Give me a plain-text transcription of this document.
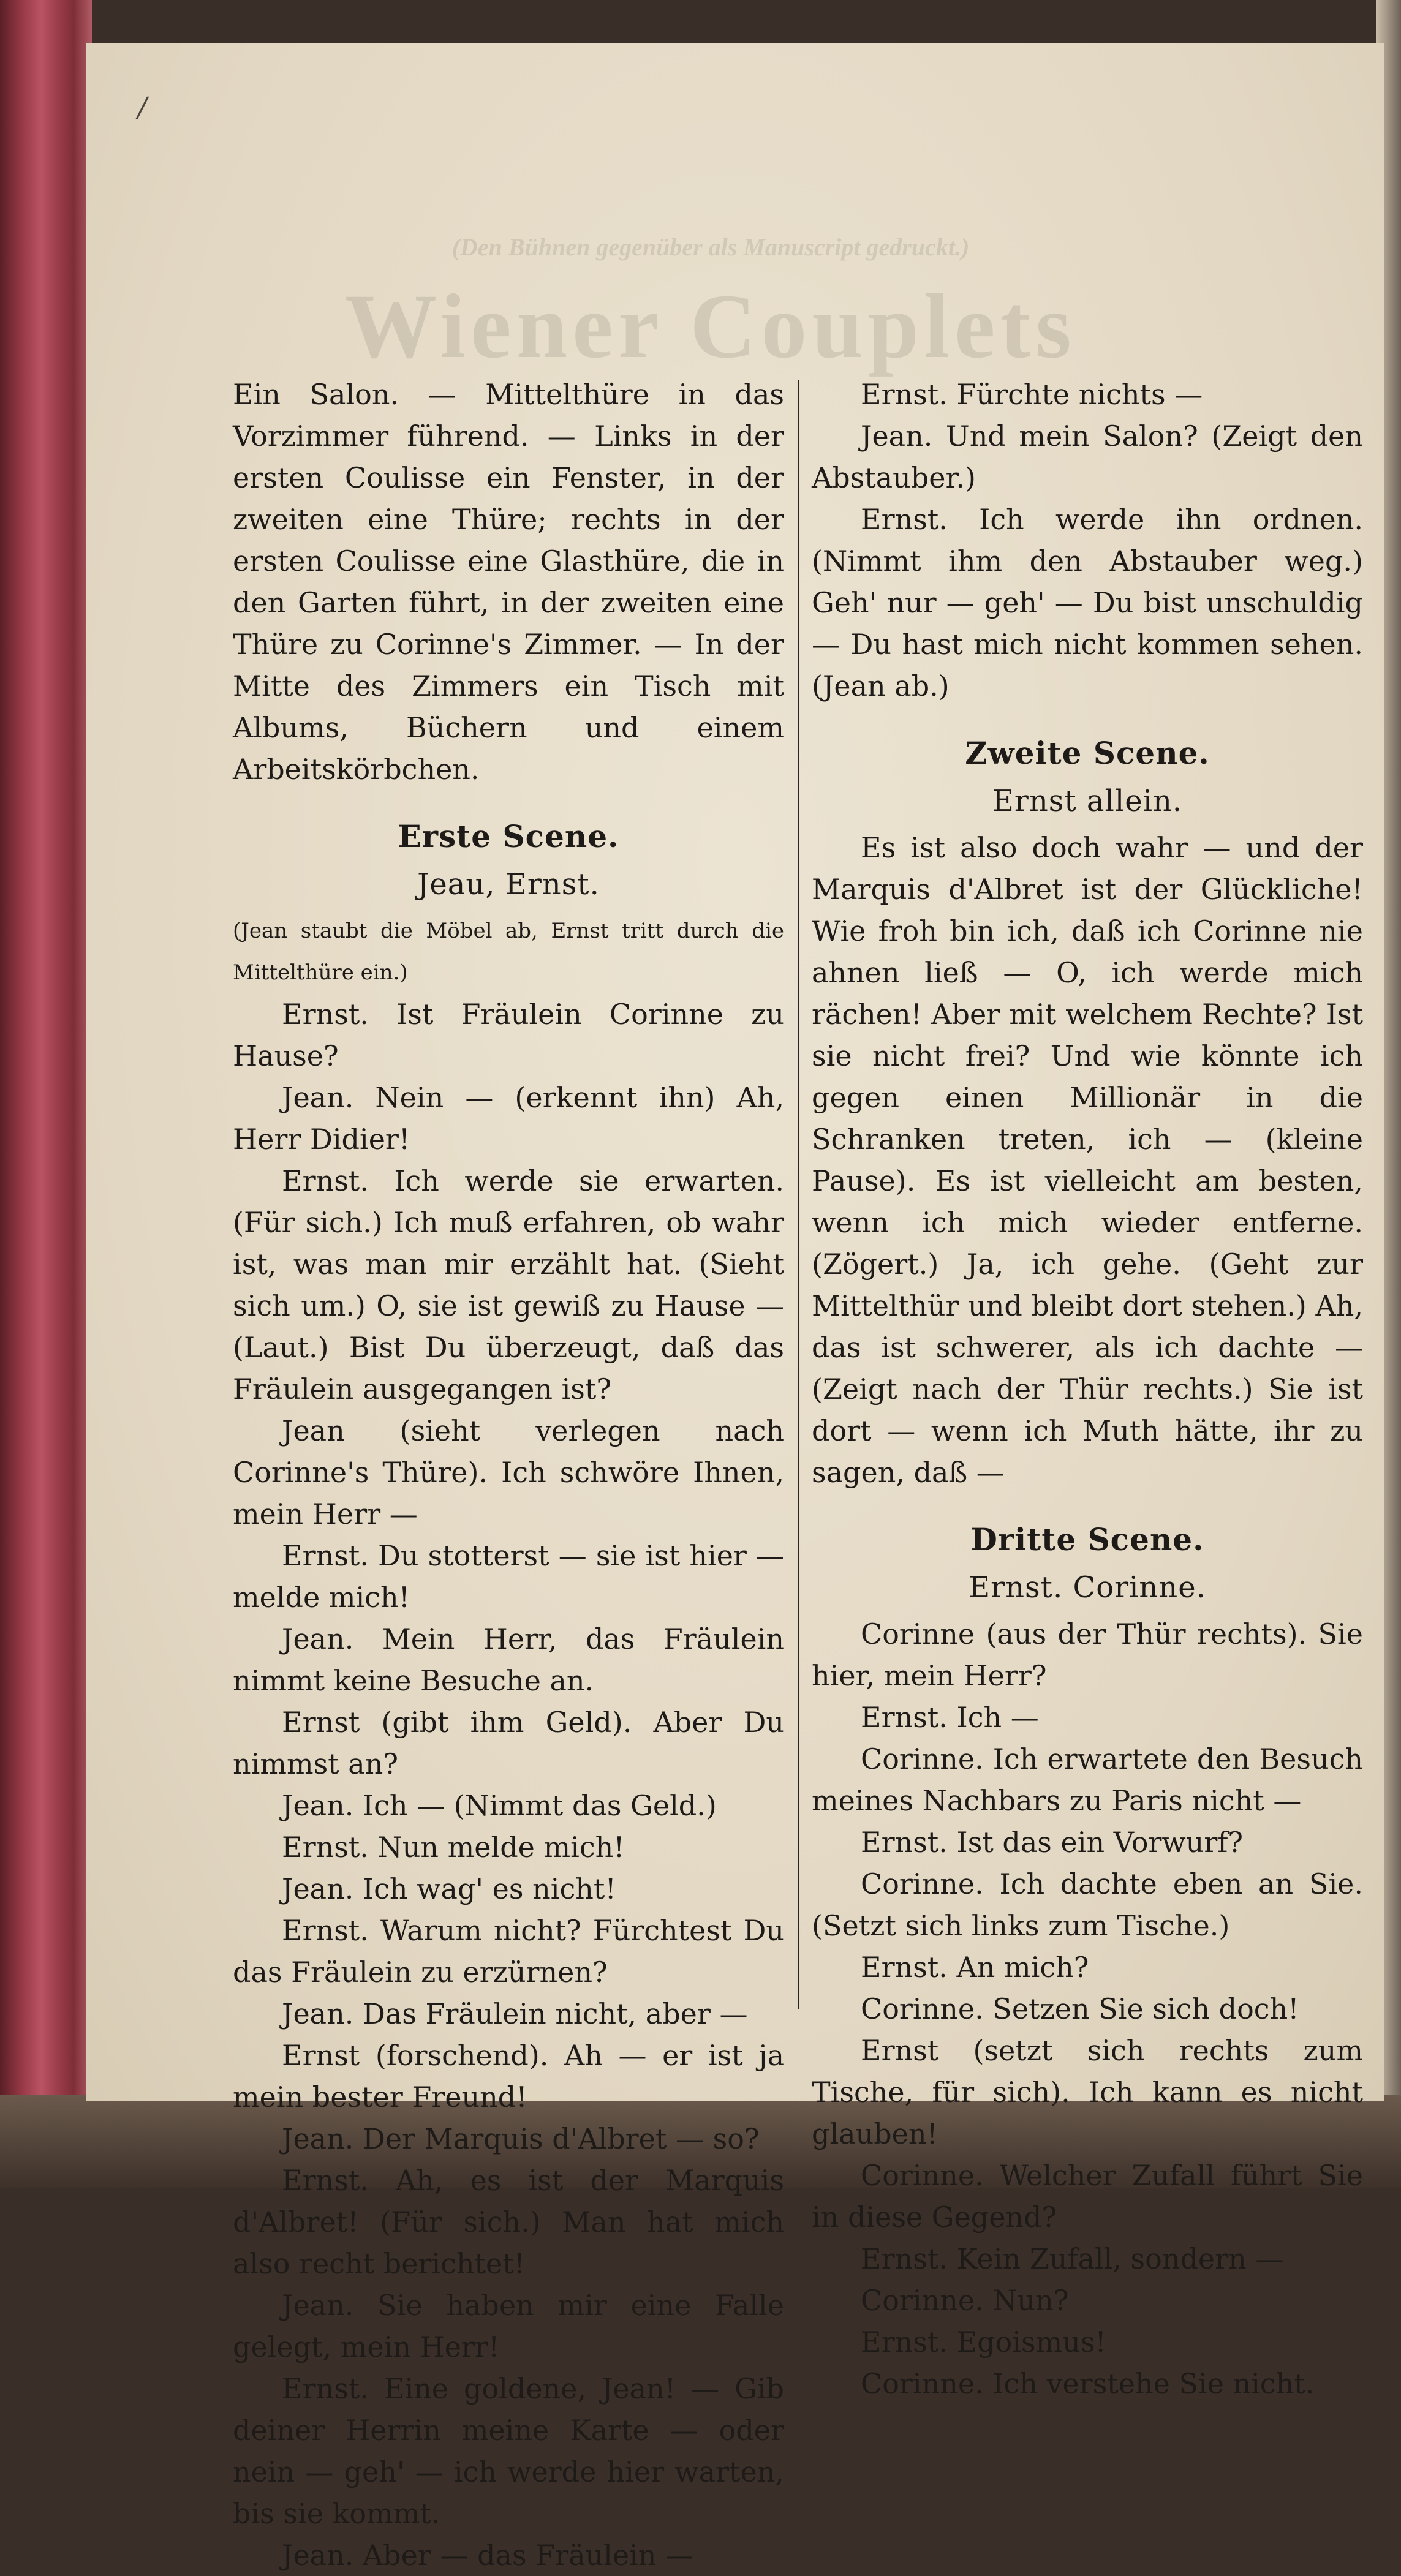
(Den Bühnen gegenüber als Manuscript gedruckt.)
Wiener Couplets
/

Ein Salon. — Mittelthüre in das Vorzimmer führend. — Links in der ersten Coulisse ein Fenster, in der zweiten eine Thüre; rechts in der ersten Coulisse eine Glasthüre, die in den Garten führt, in der zweiten eine Thüre zu Corinne's Zimmer. — In der Mitte des Zimmers ein Tisch mit Albums, Büchern und einem Arbeitskörbchen.

Erste Scene.

Jeau, Ernst.

(Jean staubt die Möbel ab, Ernst tritt durch die Mittelthüre ein.)

Ernst. Ist Fräulein Corinne zu Hause?

Jean. Nein — (erkennt ihn) Ah, Herr Didier!

Ernst. Ich werde sie erwarten. (Für sich.) Ich muß erfahren, ob wahr ist, was man mir erzählt hat. (Sieht sich um.) O, sie ist gewiß zu Hause — (Laut.) Bist Du überzeugt, daß das Fräulein ausgegangen ist?

Jean (sieht verlegen nach Corinne's Thüre). Ich schwöre Ihnen, mein Herr —

Ernst. Du stotterst — sie ist hier — melde mich!

Jean. Mein Herr, das Fräulein nimmt keine Besuche an.

Ernst (gibt ihm Geld). Aber Du nimmst an?

Jean. Ich — (Nimmt das Geld.)

Ernst. Nun melde mich!

Jean. Ich wag' es nicht!

Ernst. Warum nicht? Fürchtest Du das Fräulein zu erzürnen?

Jean. Das Fräulein nicht, aber —

Ernst (forschend). Ah — er ist ja mein bester Freund!

Jean. Der Marquis d'Albret — so?

Ernst. Ah, es ist der Marquis d'Albret! (Für sich.) Man hat mich also recht berichtet!

Jean. Sie haben mir eine Falle gelegt, mein Herr!

Ernst. Eine goldene, Jean! — Gib deiner Herrin meine Karte — oder nein — geh' — ich werde hier warten, bis sie kommt.

Jean. Aber — das Fräulein —

Ernst. Fürchte nichts —

Jean. Und mein Salon? (Zeigt den Abstauber.)

Ernst. Ich werde ihn ordnen. (Nimmt ihm den Abstauber weg.) Geh' nur — geh' — Du bist unschuldig — Du hast mich nicht kommen sehen. (Jean ab.)

Zweite Scene.

Ernst allein.

Es ist also doch wahr — und der Marquis d'Albret ist der Glückliche! Wie froh bin ich, daß ich Corinne nie ahnen ließ — O, ich werde mich rächen! Aber mit welchem Rechte? Ist sie nicht frei? Und wie könnte ich gegen einen Millionär in die Schranken treten, ich — (kleine Pause). Es ist vielleicht am besten, wenn ich mich wieder entferne. (Zögert.) Ja, ich gehe. (Geht zur Mittelthür und bleibt dort stehen.) Ah, das ist schwerer, als ich dachte — (Zeigt nach der Thür rechts.) Sie ist dort — wenn ich Muth hätte, ihr zu sagen, daß —

Dritte Scene.

Ernst. Corinne.

Corinne (aus der Thür rechts). Sie hier, mein Herr?

Ernst. Ich —

Corinne. Ich erwartete den Besuch meines Nachbars zu Paris nicht —

Ernst. Ist das ein Vorwurf?

Corinne. Ich dachte eben an Sie. (Setzt sich links zum Tische.)

Ernst. An mich?

Corinne. Setzen Sie sich doch!

Ernst (setzt sich rechts zum Tische, für sich). Ich kann es nicht glauben!

Corinne. Welcher Zufall führt Sie in diese Gegend?

Ernst. Kein Zufall, sondern —

Corinne. Nun?

Ernst. Egoismus!

Corinne. Ich verstehe Sie nicht.
